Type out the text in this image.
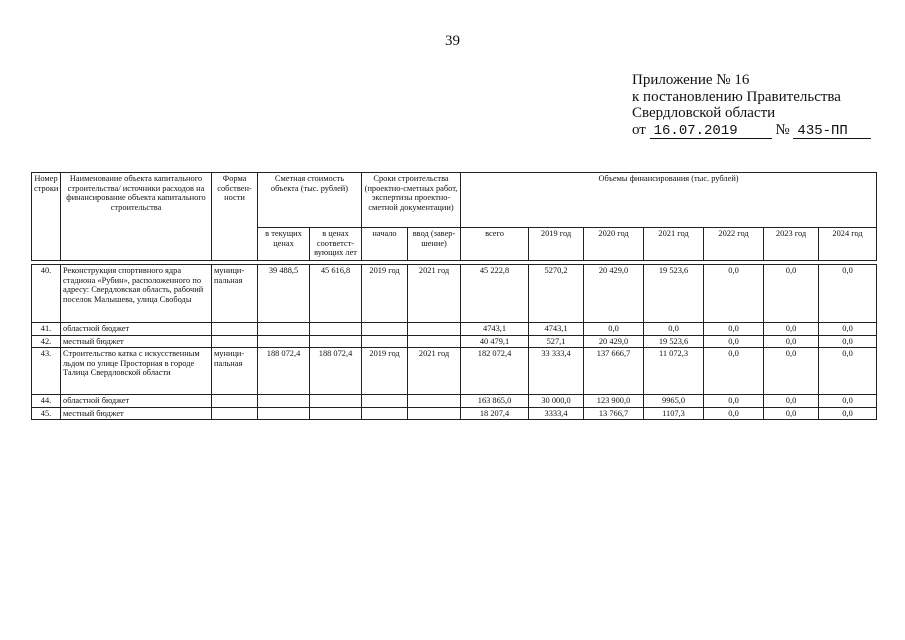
39
Приложение № 16
к постановлению Правительства
Свердловской области
от 16.07.2019	№ 435-ПП
Номер строки	Наименование объекта капитального строительства/ источники расходов на финансирование объекта капитального строительства	Форма собствен-ности	Сметная стоимость объекта (тыс. рублей)		Сроки строительства (проектно-сметных работ, экспертизы проектно-сметной документации)		Объемы финансирования (тыс. рублей)						
			в текущих ценах	в ценах соответст-вующих лет	начало	ввод (завер-шение)	всего	2019 год	2020 год	2021 год	2022 год	2023 год	2024 год

40.	Реконструкция спортивного ядра стадиона «Рубин», расположенного по адресу: Свердловская область, рабочий поселок Малышева, улица Свободы	муници-пальная	39 488,5	45 616,8	2019 год	2021 год	45 222,8	5270,2	20 429,0	19 523,6	0,0	0,0	0,0
41.	областной бюджет						4743,1	4743,1	0,0	0,0	0,0	0,0	0,0
42.	местный бюджет						40 479,1	527,1	20 429,0	19 523,6	0,0	0,0	0,0
43.	Строительство катка с искусственным льдом по улице Просторная в городе Талица Свердловской области	муници-пальная	188 072,4	188 072,4	2019 год	2021 год	182 072,4	33 333,4	137 666,7	11 072,3	0,0	0,0	0,0
44.	областной бюджет						163 865,0	30 000,0	123 900,0	9965,0	0,0	0,0	0,0
45.	местный бюджет						18 207,4	3333,4	13 766,7	1107,3	0,0	0,0	0,0
